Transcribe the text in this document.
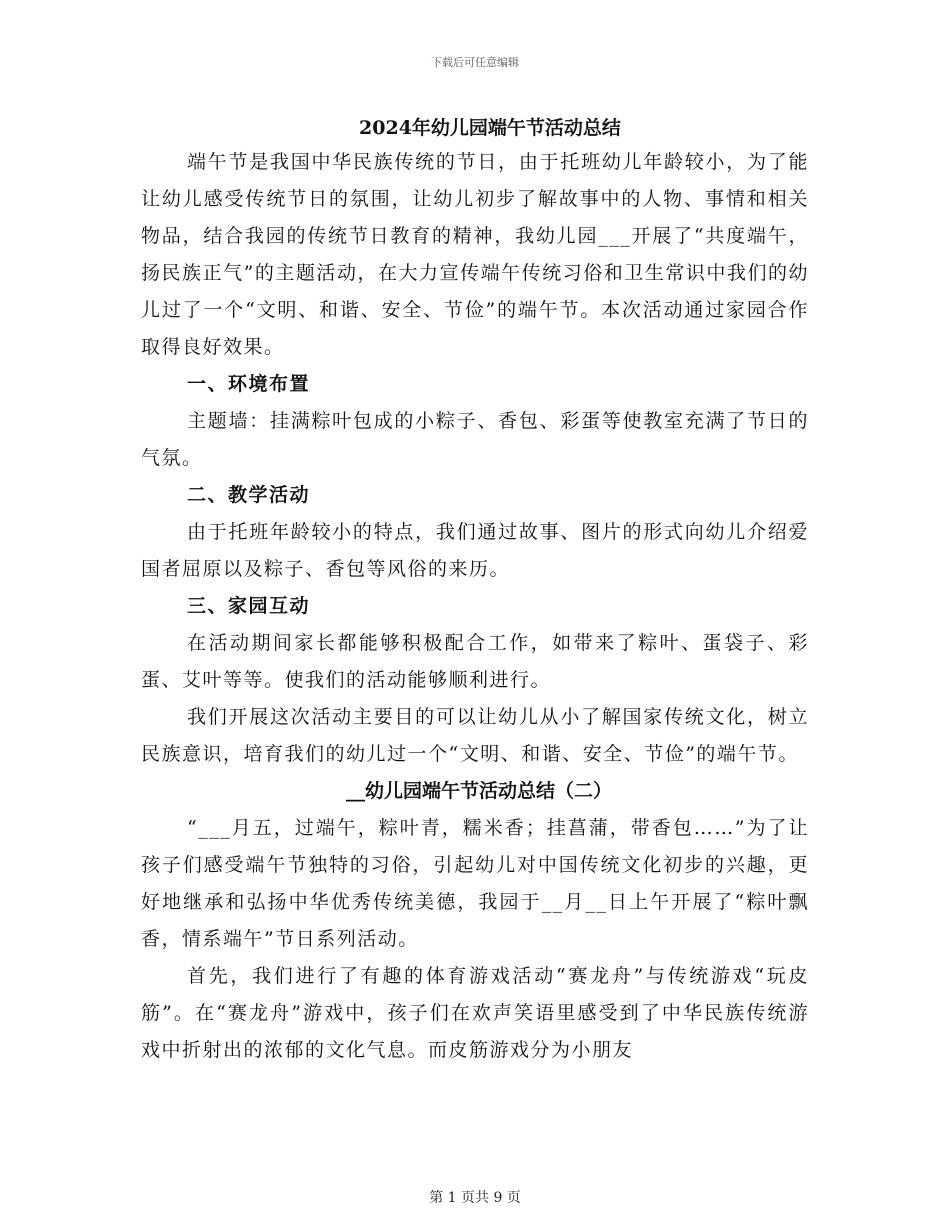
下载后可任意编辑
2024年幼儿园端午节活动总结

端午节是我国中华民族传统的节日，由于托班幼儿年龄较小，为了能让幼儿感受传统节日的氛围，让幼儿初步了解故事中的人物、事情和相关物品，结合我园的传统节日教育的精神，我幼儿园___开展了“共度端午，扬民族正气”的主题活动，在大力宣传端午传统习俗和卫生常识中我们的幼儿过了一个“文明、和谐、安全、节俭”的端午节。本次活动通过家园合作取得良好效果。

一、环境布置

主题墙：挂满粽叶包成的小粽子、香包、彩蛋等使教室充满了节日的气氛。

二、教学活动

由于托班年龄较小的特点，我们通过故事、图片的形式向幼儿介绍爱国者屈原以及粽子、香包等风俗的来历。

三、家园互动

在活动期间家长都能够积极配合工作，如带来了粽叶、蛋袋子、彩蛋、艾叶等等。使我们的活动能够顺利进行。

我们开展这次活动主要目的可以让幼儿从小了解国家传统文化，树立民族意识，培育我们的幼儿过一个“文明、和谐、安全、节俭”的端午节。

__幼儿园端午节活动总结（二）

“___月五，过端午，粽叶青，糯米香；挂菖蒲，带香包……”为了让孩子们感受端午节独特的习俗，引起幼儿对中国传统文化初步的兴趣，更好地继承和弘扬中华优秀传统美德，我园于__月__日上午开展了“粽叶飘香，情系端午”节日系列活动。

首先，我们进行了有趣的体育游戏活动“赛龙舟”与传统游戏“玩皮筋”。在“赛龙舟”游戏中，孩子们在欢声笑语里感受到了中华民族传统游戏中折射出的浓郁的文化气息。而皮筋游戏分为小朋友

第 1 页共 9 页
